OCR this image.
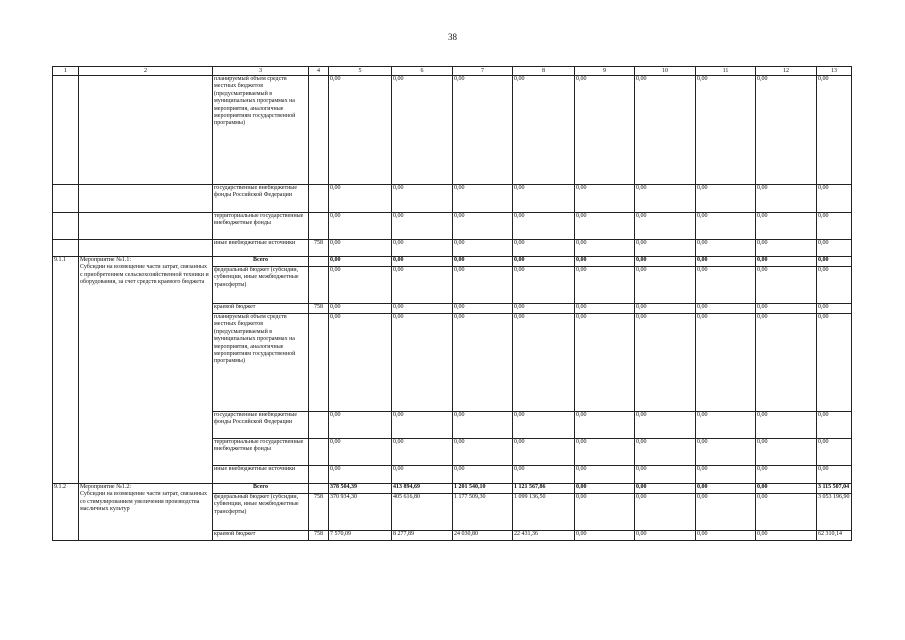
38
1	2	3	4	5	6	7	8	9	10	11	12	13
		планируемый объем средств местных бюджетов (предусматриваемый в муниципальных программах на мероприятия, аналогичные мероприятиям государственной программы)		0,00	0,00	0,00	0,00	0,00	0,00	0,00	0,00	0,00
		государственные внебюджетные фонды Российской Федерации		0,00	0,00	0,00	0,00	0,00	0,00	0,00	0,00	0,00
		территориальные государственные внебюджетные фонды		0,00	0,00	0,00	0,00	0,00	0,00	0,00	0,00	0,00
		иные внебюджетные источники	758	0,00	0,00	0,00	0,00	0,00	0,00	0,00	0,00	0,00
9.1.1	Мероприятие №1.1:
Субсидии на возмещение части затрат, связанных с приобретением сельскохозяйственной техники и оборудования, за счет средств краевого бюджета	Всего		0,00	0,00	0,00	0,00	0,00	0,00	0,00	0,00	0,00
		федеральный бюджет (субсидии, субвенции, иные межбюджетные трансферты)		0,00	0,00	0,00	0,00	0,00	0,00	0,00	0,00	0,00
		краевой бюджет	758	0,00	0,00	0,00	0,00	0,00	0,00	0,00	0,00	0,00
		планируемый объем средств местных бюджетов (предусматриваемый в муниципальных программах на мероприятия, аналогичные мероприятиям государственной программы)		0,00	0,00	0,00	0,00	0,00	0,00	0,00	0,00	0,00
		государственные внебюджетные фонды Российской Федерации		0,00	0,00	0,00	0,00	0,00	0,00	0,00	0,00	0,00
		территориальные государственные внебюджетные фонды		0,00	0,00	0,00	0,00	0,00	0,00	0,00	0,00	0,00
		иные внебюджетные источники		0,00	0,00	0,00	0,00	0,00	0,00	0,00	0,00	0,00
9.1.2	Мероприятие №1.2:
Субсидии на возмещение части затрат, связанных со стимулированием увеличения производства масличных культур	Всего		378 504,39	413 894,69	1 201 540,10	1 121 567,86	0,00	0,00	0,00	0,00	3 115 507,04
		федеральный бюджет (субсидии, субвенции, иные межбюджетные трансферты)	758	370 934,30	405 616,80	1 177 509,30	1 099 136,50	0,00	0,00	0,00	0,00	3 053 196,90
		краевой бюджет	758	7 570,09	8 277,89	24 030,80	22 431,36	0,00	0,00	0,00	0,00	62 310,14
